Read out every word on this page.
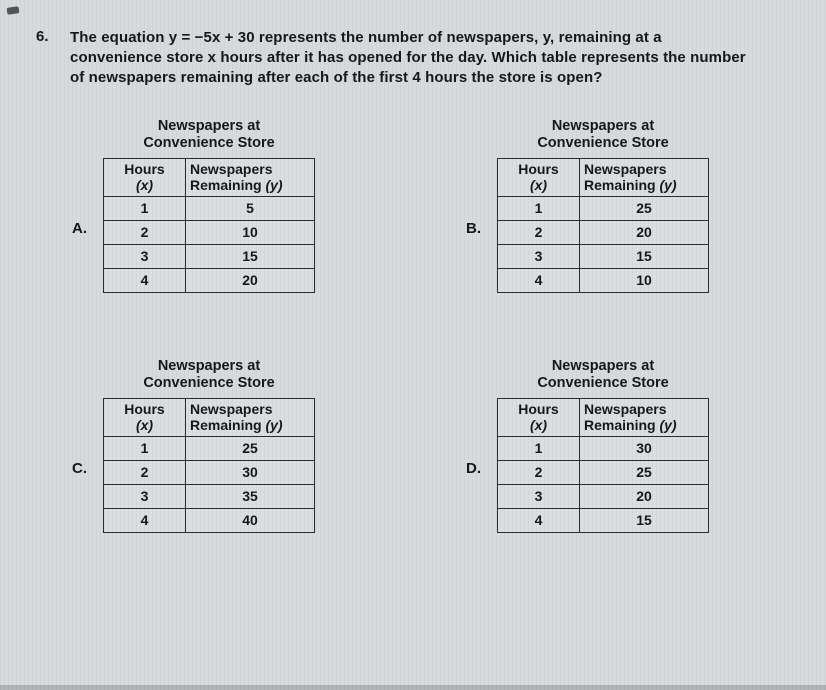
6. The equation y = −5x + 30 represents the number of newspapers, y, remaining at a convenience store x hours after it has opened for the day. Which table represents the number of newspapers remaining after each of the first 4 hours the store is open?

A.
Newspapers at
Convenience Store
Hours
(x)	Newspapers
Remaining (y)
1	5
2	10
3	15
4	20
B.
Newspapers at
Convenience Store
Hours
(x)	Newspapers
Remaining (y)
1	25
2	20
3	15
4	10
C.
Newspapers at
Convenience Store
Hours
(x)	Newspapers
Remaining (y)
1	25
2	30
3	35
4	40
D.
Newspapers at
Convenience Store
Hours
(x)	Newspapers
Remaining (y)
1	30
2	25
3	20
4	15
